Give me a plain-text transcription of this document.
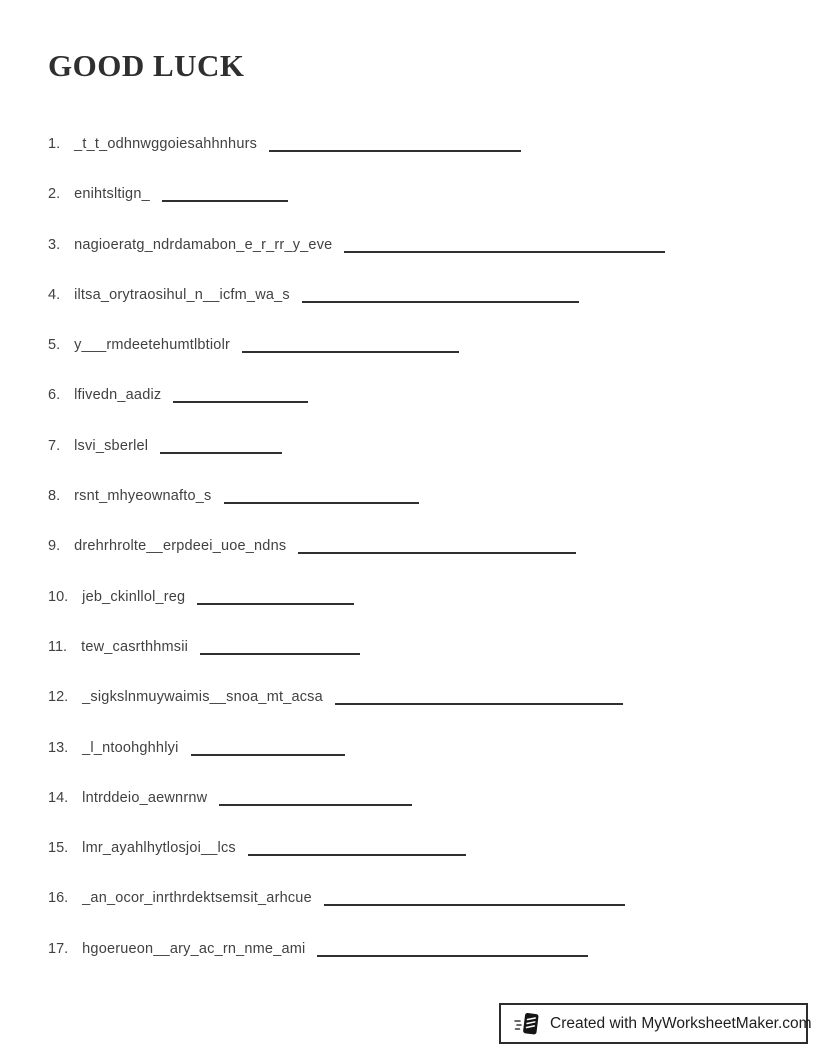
GOOD LUCK
1. _t_t_odhnwggoiesahhnhurs
2. enihtsltign_
3. nagioeratg_ndrdamabon_e_r_rr_y_eve
4. iltsa_orytraosihul_n__icfm_wa_s
5. y___rmdeetehumtlbtiolr
6. lfivedn_aadiz
7. lsvi_sberlel
8. rsnt_mhyeownafto_s
9. drehrhrolte__erpdeei_uoe_ndns
10. jeb_ckinllol_reg
11. tew_casrthhmsii
12. _sigkslnmuywaimis__snoa_mt_acsa
13. _l_ntoohghhlyi
14. lntrddeio_aewnrnw
15. lmr_ayahlhytlosjoi__lcs
16. _an_ocor_inrthrdektsemsit_arhcue
17. hgoerueon__ary_ac_rn_nme_ami
Created with MyWorksheetMaker.com
